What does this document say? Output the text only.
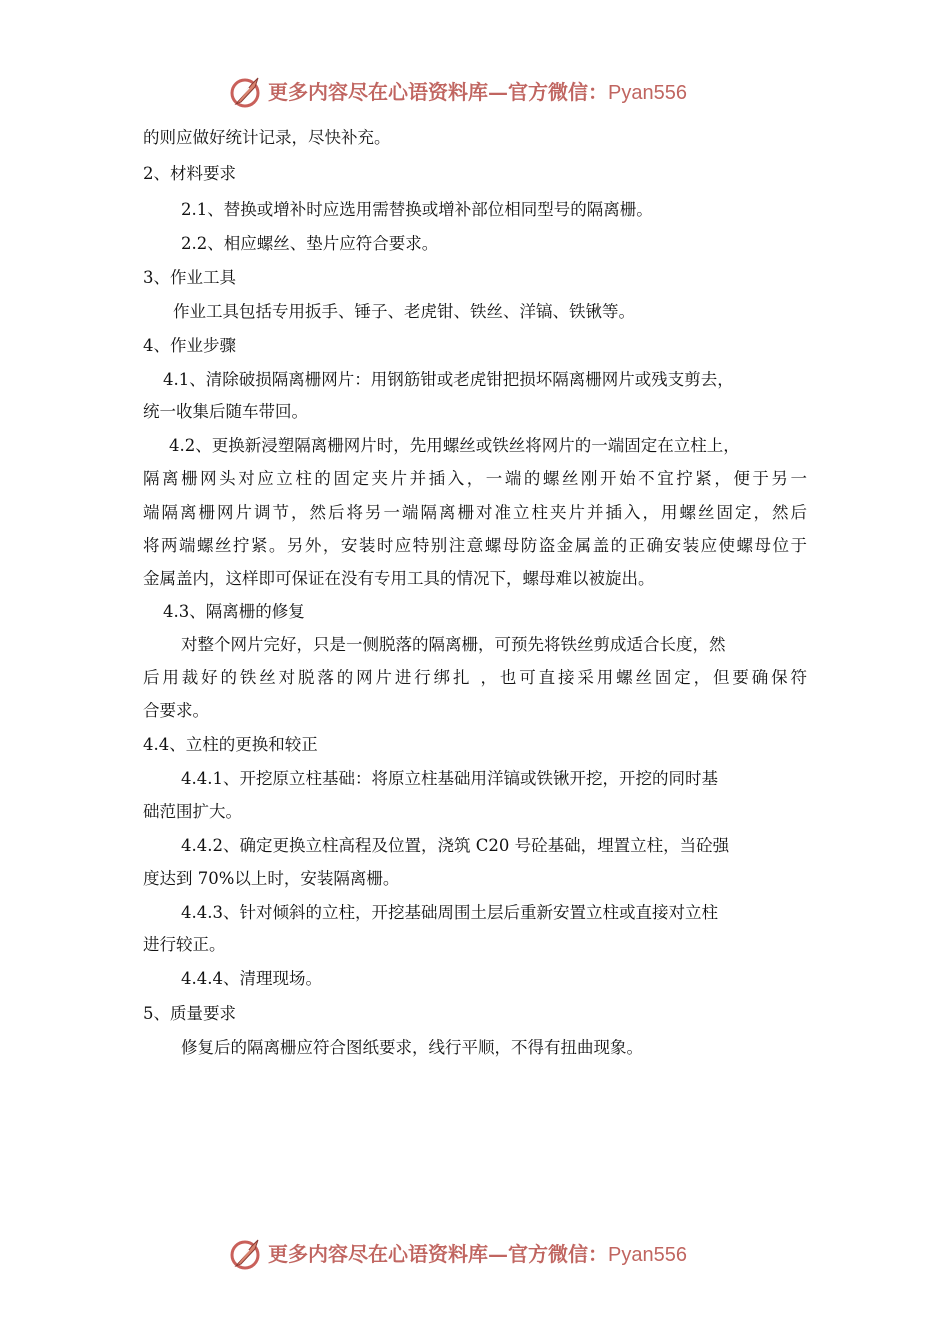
更多内容尽在心语资料库—官方微信：Pyan556
的则应做好统计记录，尽快补充。
2、材料要求
2.1、替换或增补时应选用需替换或增补部位相同型号的隔离栅。
2.2、相应螺丝、垫片应符合要求。
3、作业工具
作业工具包括专用扳手、锤子、老虎钳、铁丝、洋镐、铁锹等。
4、作业步骤
4.1、清除破损隔离栅网片：用钢筋钳或老虎钳把损坏隔离栅网片或残支剪去，
统一收集后随车带回。
4.2、更换新浸塑隔离栅网片时，先用螺丝或铁丝将网片的一端固定在立柱上，
隔离栅网头对应立柱的固定夹片并插入，一端的螺丝刚开始不宜拧紧，便于另一
端隔离栅网片调节，然后将另一端隔离栅对准立柱夹片并插入，用螺丝固定，然后
将两端螺丝拧紧。另外，安装时应特别注意螺母防盗金属盖的正确安装应使螺母位于
金属盖内，这样即可保证在没有专用工具的情况下，螺母难以被旋出。
4.3、隔离栅的修复
对整个网片完好，只是一侧脱落的隔离栅，可预先将铁丝剪成适合长度，然
后用裁好的铁丝对脱落的网片进行绑扎 ，也可直接采用螺丝固定，但要确保符
合要求。
4.4、立柱的更换和较正
4.4.1、开挖原立柱基础：将原立柱基础用洋镐或铁锹开挖，开挖的同时基
础范围扩大。
4.4.2、确定更换立柱高程及位置，浇筑 C20 号砼基础，埋置立柱，当砼强
度达到 70%以上时，安装隔离栅。
4.4.3、针对倾斜的立柱，开挖基础周围土层后重新安置立柱或直接对立柱
进行较正。
4.4.4、清理现场。
5、质量要求
修复后的隔离栅应符合图纸要求，线行平顺，不得有扭曲现象。
更多内容尽在心语资料库—官方微信：Pyan556
